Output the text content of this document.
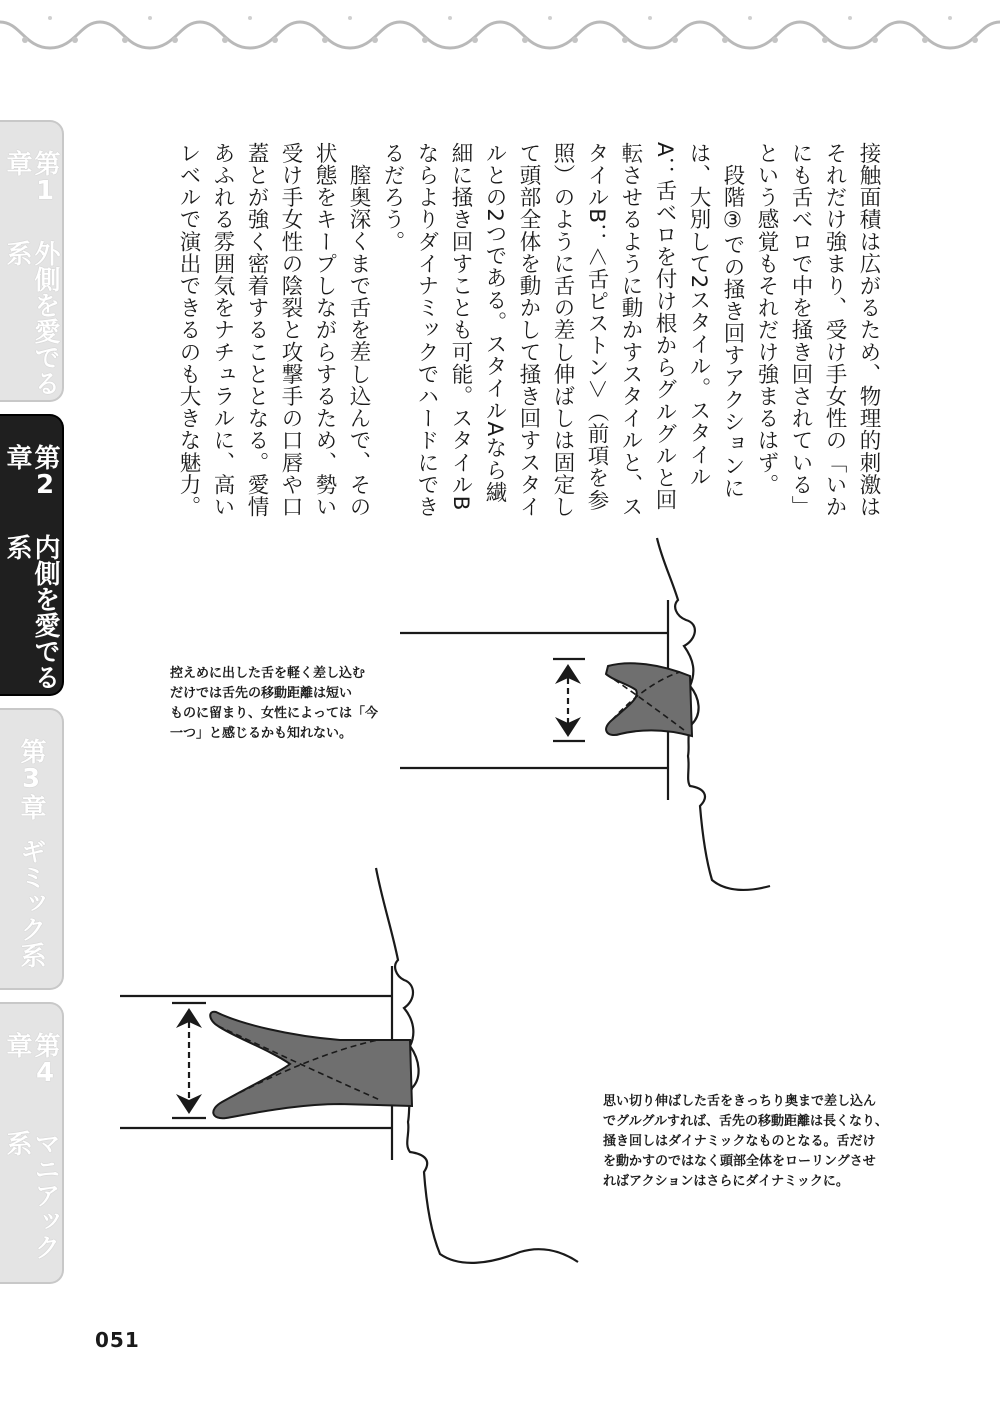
第1章
外側を愛でる系
第2章
内側を愛でる系
第3章
ギミック系
第4章
マニアック系

接触面積は広がるため、物理的刺激はそれだけ強まり、受け手女性の「いかにも舌べロで中を掻き回されている」という感覚もそれだけ強まるはず。

段階③での掻き回すアクションには、大別して2スタイル。スタイルA：舌ベロを付け根からグルグルと回転させるように動かすスタイルと、スタイルB：＜舌ピストン＞（前項を参照）のように舌の差し伸ばしは固定して頭部全体を動かして掻き回すスタイルとの2つである。スタイルAなら繊細に掻き回すことも可能。スタイルBならよりダイナミックでハードにできるだろう。

膣奥深くまで舌を差し込んで、その状態をキープしながらするため、勢い受け手女性の陰裂と攻撃手の口唇や口蓋とが強く密着することとなる。愛情あふれる雰囲気をナチュラルに、高いレベルで演出できるのも大きな魅力。

控えめに出した舌を軽く差し込む
だけでは舌先の移動距離は短い
ものに留まり、女性によっては「今
一つ」と感じるかも知れない。
思い切り伸ばした舌をきっちり奥まで差し込ん
でグルグルすれば、舌先の移動距離は長くなり、
掻き回しはダイナミックなものとなる。舌だけ
を動かすのではなく頭部全体をローリングさせ
ればアクションはさらにダイナミックに。
051
